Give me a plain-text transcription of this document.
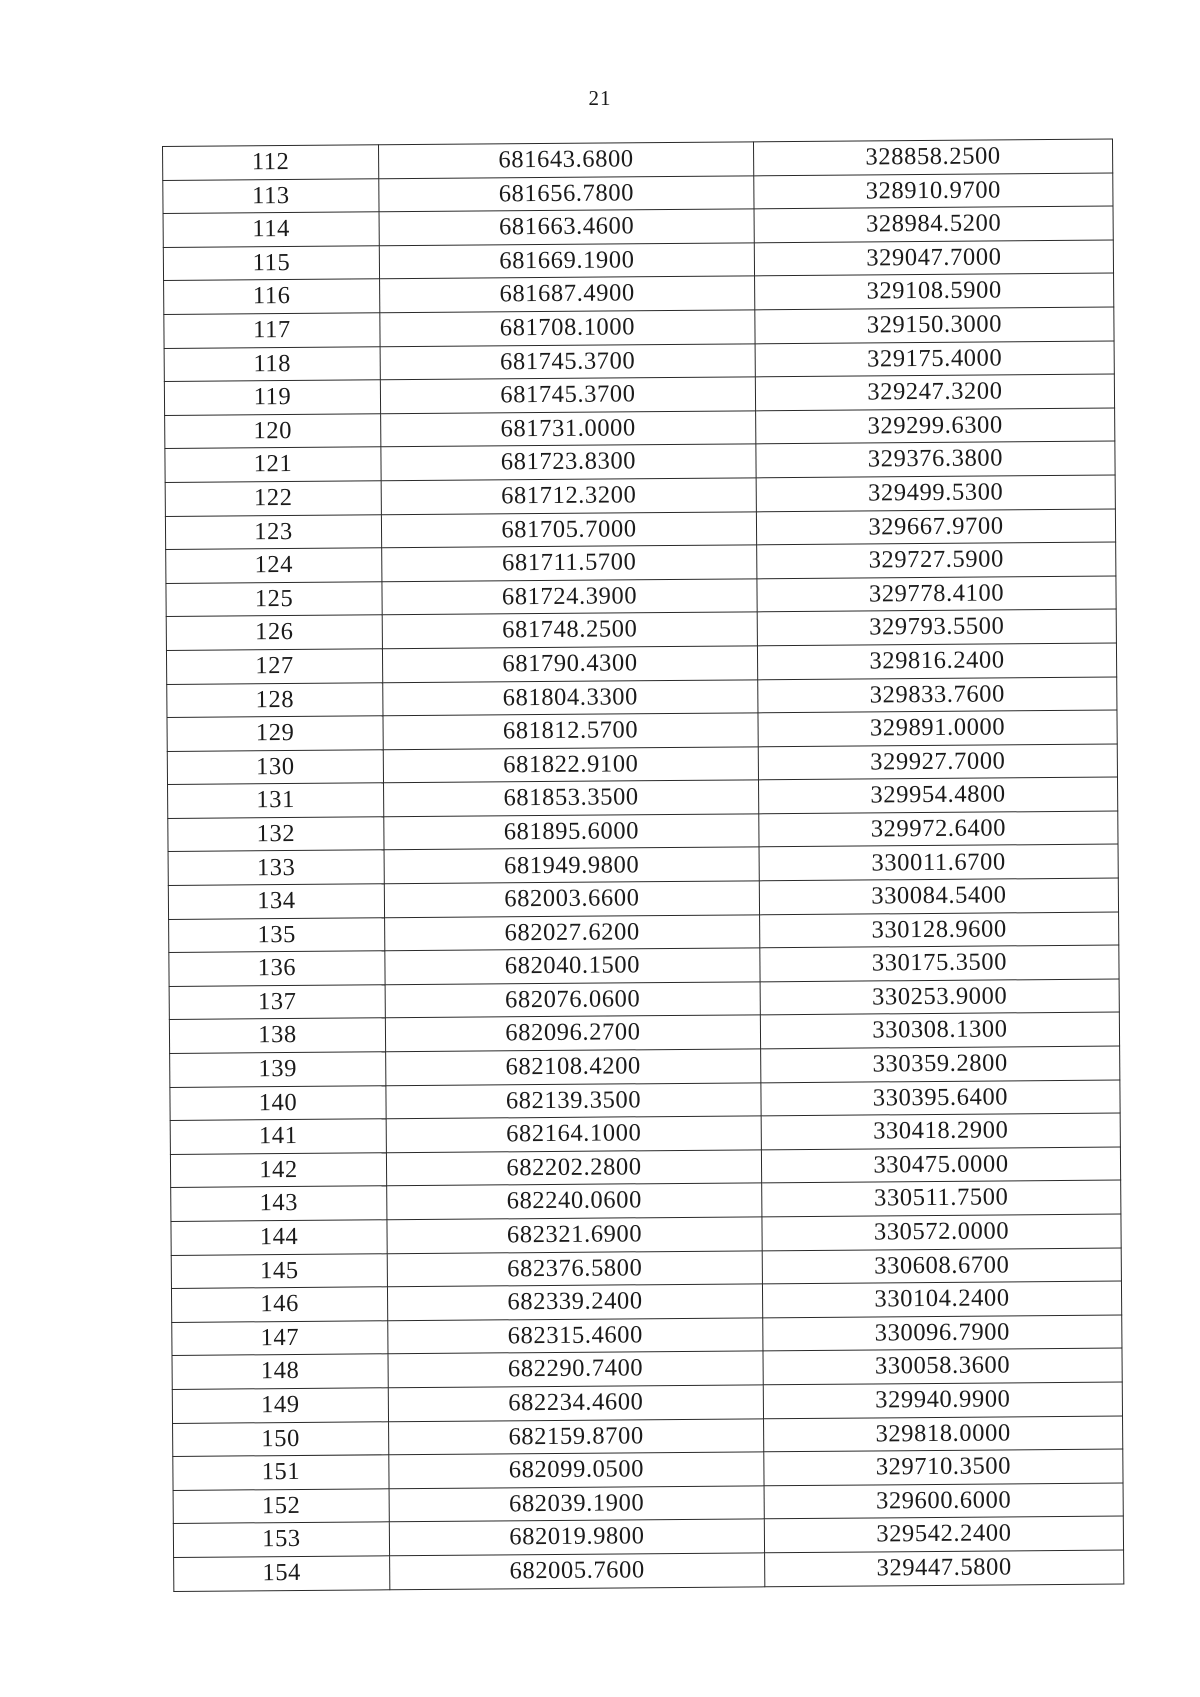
21
112	681643.6800	328858.2500
113	681656.7800	328910.9700
114	681663.4600	328984.5200
115	681669.1900	329047.7000
116	681687.4900	329108.5900
117	681708.1000	329150.3000
118	681745.3700	329175.4000
119	681745.3700	329247.3200
120	681731.0000	329299.6300
121	681723.8300	329376.3800
122	681712.3200	329499.5300
123	681705.7000	329667.9700
124	681711.5700	329727.5900
125	681724.3900	329778.4100
126	681748.2500	329793.5500
127	681790.4300	329816.2400
128	681804.3300	329833.7600
129	681812.5700	329891.0000
130	681822.9100	329927.7000
131	681853.3500	329954.4800
132	681895.6000	329972.6400
133	681949.9800	330011.6700
134	682003.6600	330084.5400
135	682027.6200	330128.9600
136	682040.1500	330175.3500
137	682076.0600	330253.9000
138	682096.2700	330308.1300
139	682108.4200	330359.2800
140	682139.3500	330395.6400
141	682164.1000	330418.2900
142	682202.2800	330475.0000
143	682240.0600	330511.7500
144	682321.6900	330572.0000
145	682376.5800	330608.6700
146	682339.2400	330104.2400
147	682315.4600	330096.7900
148	682290.7400	330058.3600
149	682234.4600	329940.9900
150	682159.8700	329818.0000
151	682099.0500	329710.3500
152	682039.1900	329600.6000
153	682019.9800	329542.2400
154	682005.7600	329447.5800
